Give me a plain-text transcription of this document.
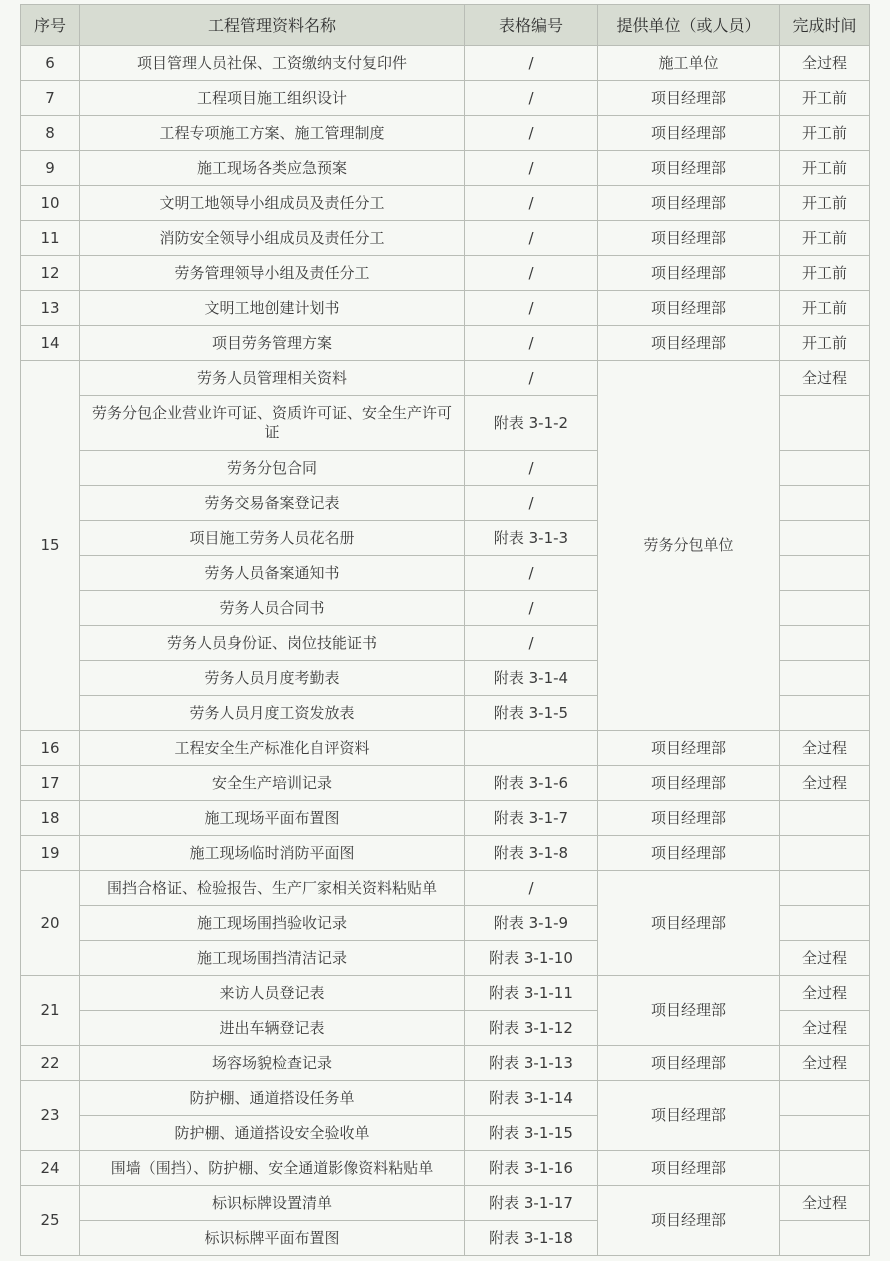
序号	工程管理资料名称	表格编号	提供单位（或人员）	完成时间
6	项目管理人员社保、工资缴纳支付复印件	/	施工单位	全过程
7	工程项目施工组织设计	/	项目经理部	开工前
8	工程专项施工方案、施工管理制度	/	项目经理部	开工前
9	施工现场各类应急预案	/	项目经理部	开工前
10	文明工地领导小组成员及责任分工	/	项目经理部	开工前
11	消防安全领导小组成员及责任分工	/	项目经理部	开工前
12	劳务管理领导小组及责任分工	/	项目经理部	开工前
13	文明工地创建计划书	/	项目经理部	开工前
14	项目劳务管理方案	/	项目经理部	开工前
15	劳务人员管理相关资料	/	劳务分包单位	全过程
	劳务分包企业营业许可证、资质许可证、安全生产许可证	附表 3-1-2		
	劳务分包合同	/		
	劳务交易备案登记表	/		
	项目施工劳务人员花名册	附表 3-1-3		
	劳务人员备案通知书	/		
	劳务人员合同书	/		
	劳务人员身份证、岗位技能证书	/		
	劳务人员月度考勤表	附表 3-1-4		
	劳务人员月度工资发放表	附表 3-1-5		
16	工程安全生产标准化自评资料		项目经理部	全过程
17	安全生产培训记录	附表 3-1-6	项目经理部	全过程
18	施工现场平面布置图	附表 3-1-7	项目经理部	
19	施工现场临时消防平面图	附表 3-1-8	项目经理部	
20	围挡合格证、检验报告、生产厂家相关资料粘贴单	/	项目经理部	
	施工现场围挡验收记录	附表 3-1-9		
	施工现场围挡清洁记录	附表 3-1-10		全过程
21	来访人员登记表	附表 3-1-11	项目经理部	全过程
	进出车辆登记表	附表 3-1-12		全过程
22	场容场貌检查记录	附表 3-1-13	项目经理部	全过程
23	防护棚、通道搭设任务单	附表 3-1-14	项目经理部	
	防护棚、通道搭设安全验收单	附表 3-1-15		
24	围墙（围挡）、防护棚、安全通道影像资料粘贴单	附表 3-1-16	项目经理部	
25	标识标牌设置清单	附表 3-1-17	项目经理部	全过程
	标识标牌平面布置图	附表 3-1-18		
